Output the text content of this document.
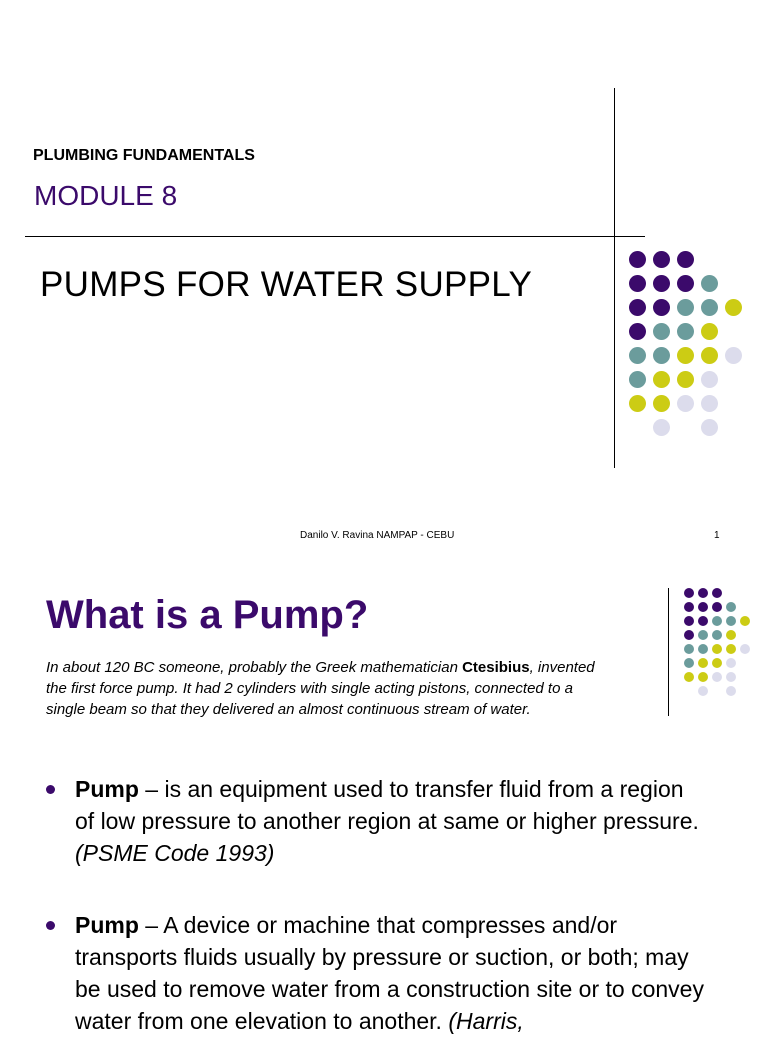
PLUMBING FUNDAMENTALS
MODULE 8
PUMPS FOR WATER SUPPLY
Danilo V. Ravina NAMPAP - CEBU	1
What is a Pump?
In about 120 BC someone, probably the Greek mathematician Ctesibius, invented the first force pump. It had 2 cylinders with single acting pistons, connected to a single beam so that they delivered an almost continuous stream of water.
Pump – is an equipment used to transfer fluid from a region of low pressure to another region at same or higher pressure. (PSME Code 1993)
Pump – A device or machine that compresses and/or transports fluids usually by pressure or suction, or both; may be used to remove water from a construction site or to convey water from one elevation to another. (Harris,
